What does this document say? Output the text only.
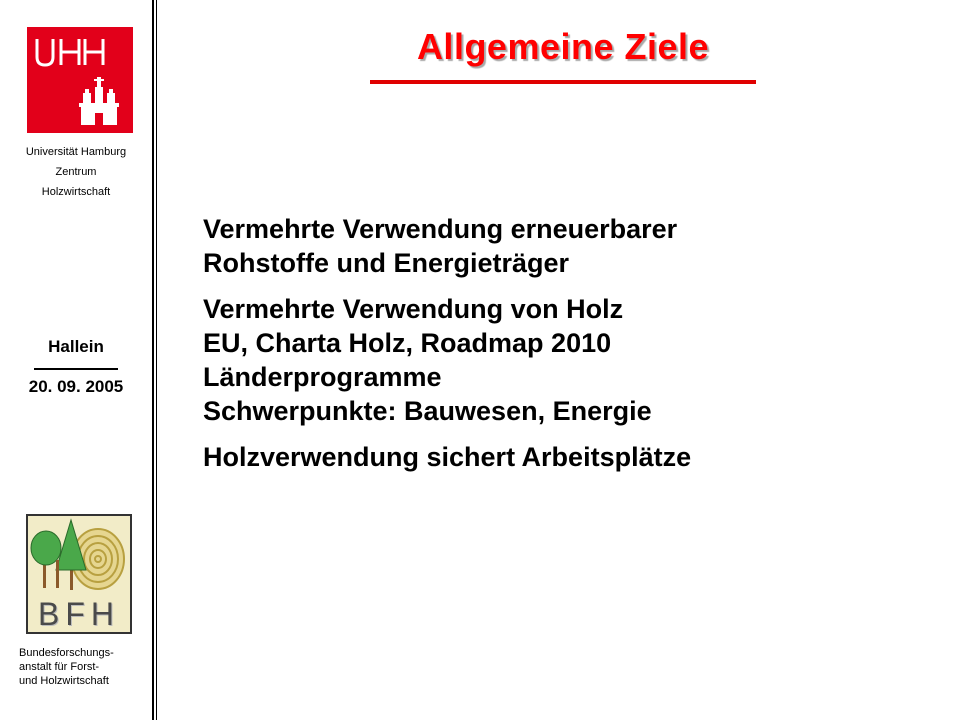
Universität Hamburg
Zentrum
Holzwirtschaft
Hallein
20. 09. 2005
BFH
Bundesforschungs-
anstalt für Forst-
und Holzwirtschaft
Allgemeine Ziele
Vermehrte Verwendung erneuerbarer
Rohstoffe und Energieträger
Vermehrte Verwendung von Holz
EU, Charta Holz, Roadmap 2010
Länderprogramme
Schwerpunkte: Bauwesen, Energie
Holzverwendung sichert Arbeitsplätze
